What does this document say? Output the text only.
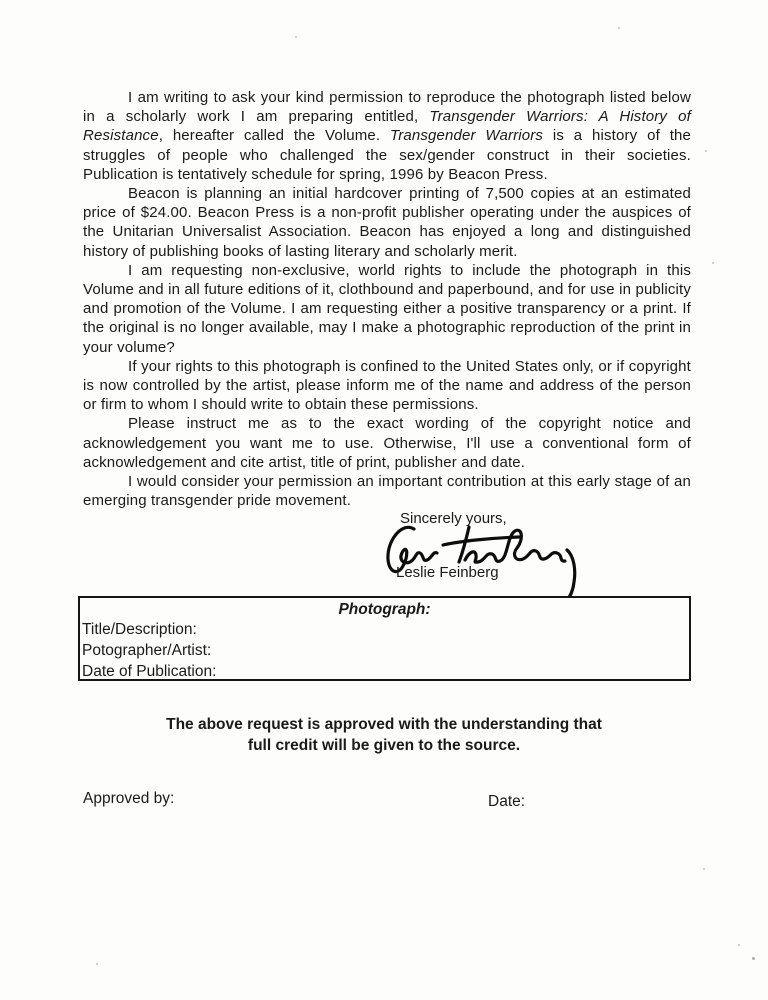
I am writing to ask your kind permission to reproduce the photograph listed below in a scholarly work I am preparing entitled, Transgender Warriors: A History of Resistance, hereafter called the Volume. Transgender Warriors is a history of the struggles of people who challenged the sex/gender construct in their societies. Publication is tentatively schedule for spring, 1996 by Beacon Press.

Beacon is planning an initial hardcover printing of 7,500 copies at an estimated price of $24.00. Beacon Press is a non-profit publisher operating under the auspices of the Unitarian Universalist Association. Beacon has enjoyed a long and distinguished history of publishing books of lasting literary and scholarly merit.

I am requesting non-exclusive, world rights to include the photograph in this Volume and in all future editions of it, clothbound and paperbound, and for use in publicity and promotion of the Volume. I am requesting either a positive transparency or a print. If the original is no longer available, may I make a photographic reproduction of the print in your volume?

If your rights to this photograph is confined to the United States only, or if copyright is now controlled by the artist, please inform me of the name and address of the person or firm to whom I should write to obtain these permissions.

Please instruct me as to the exact wording of the copyright notice and acknowledgement you want me to use. Otherwise, I'll use a conventional form of acknowledgement and cite artist, title of print, publisher and date.

I would consider your permission an important contribution at this early stage of an emerging transgender pride movement.

Sincerely yours,
Leslie Feinberg
Photograph:
Title/Description:
Potographer/Artist:
Date of Publication:
The above request is approved with the understanding that
full credit will be given to the source.
Approved by:	Date:
